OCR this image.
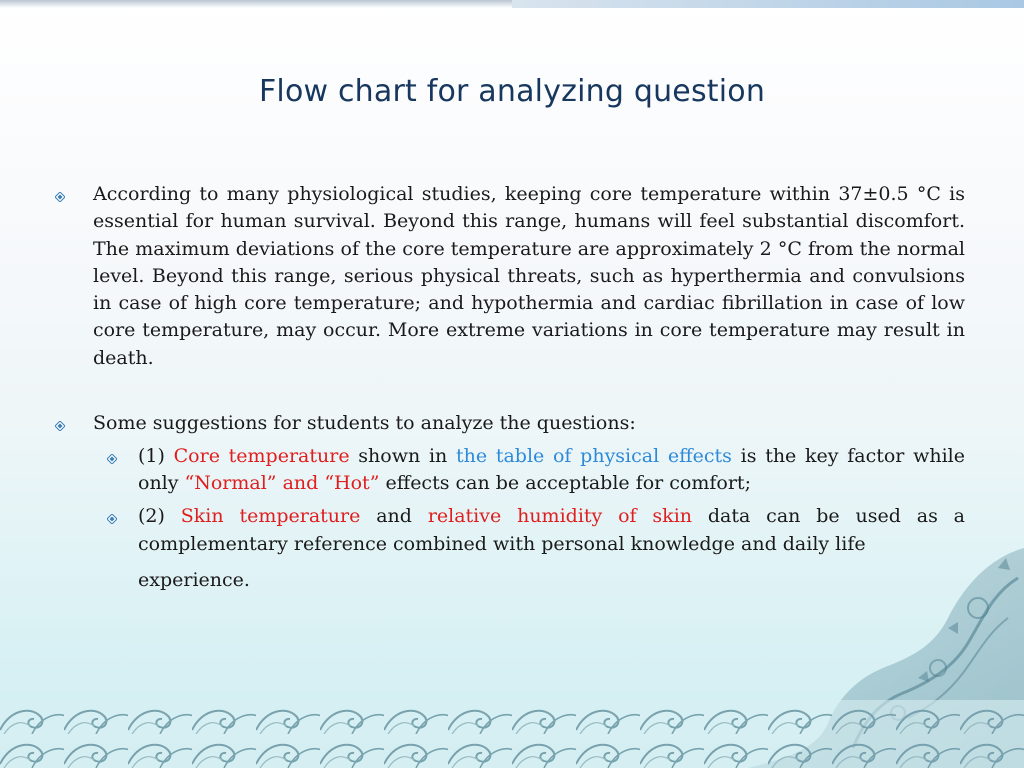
Flow chart for analyzing question
According to many physiological studies, keeping core temperature within 37±0.5 °C is essential for human survival. Beyond this range, humans will feel substantial discomfort. The maximum deviations of the core temperature are approximately 2 °C from the normal level. Beyond this range, serious physical threats, such as hyperthermia and convulsions in case of high core temperature; and hypothermia and cardiac fibrillation in case of low core temperature, may occur. More extreme variations in core temperature may result in death.
Some suggestions for students to analyze the questions:
(1) Core temperature shown in the table of physical effects is the key factor while only “Normal” and “Hot” effects can be acceptable for comfort;
(2) Skin temperature and relative humidity of skin data can be used as a complementary reference combined with personal knowledge and daily life
experience.
